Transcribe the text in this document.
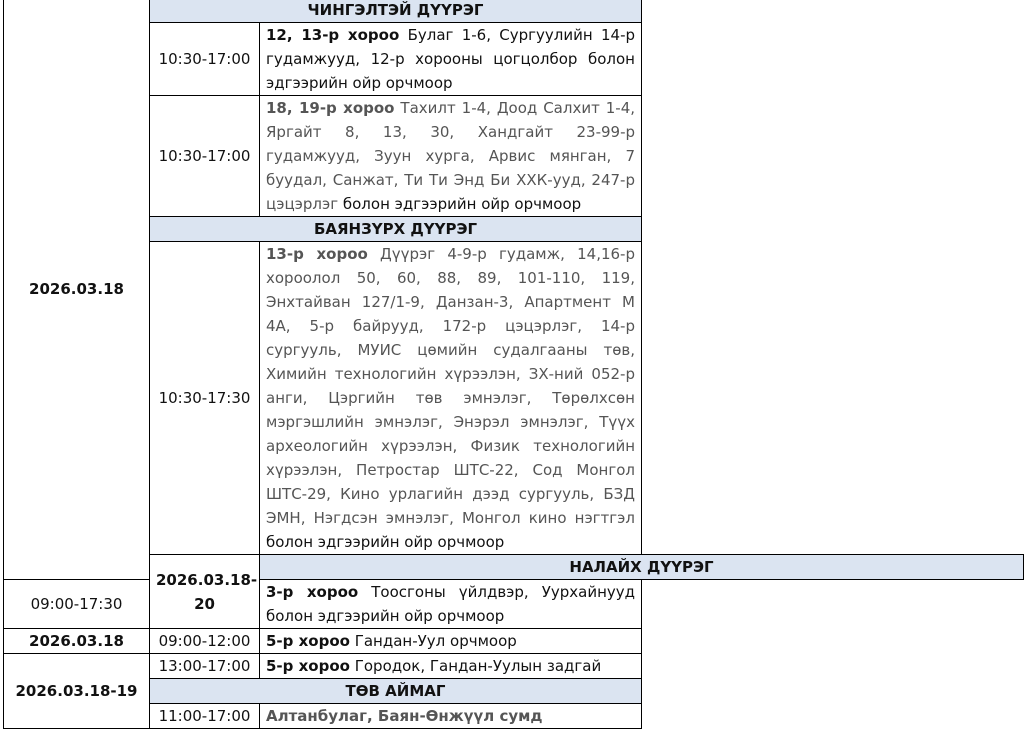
2026.03.18	ЧИНГЭЛТЭЙ ДҮҮРЭГ	
	10:30-17:00	12, 13-р хороо Булаг 1-6, Сургуулийн 14-р гудамжууд, 12-р хорооны цогцолбор болон эдгээрийн ойр орчмоор
	10:30-17:00	18, 19-р хороо Тахилт 1-4, Доод Салхит 1-4, Яргайт 8, 13, 30, Хандгайт 23-99-р гудамжууд, Зуун хурга, Арвис мянган, 7 буудал, Санжат, Ти Ти Энд Би ХХК-ууд, 247-р цэцэрлэг болон эдгээрийн ойр орчмоор
	БАЯНЗҮРХ ДҮҮРЭГ	
	10:30-17:30	13-р хороо Дүүрэг 4-9-р гудамж, 14,16-р хороолол 50, 60, 88, 89, 101-110, 119, Энхтайван 127/1-9, Данзан-3, Апартмент М 4А, 5-р байрууд, 172-р цэцэрлэг, 14-р сургууль, МУИС цөмийн судалгааны төв, Химийн технологийн хүрээлэн, ЗХ-ний 052-р анги, Цэргийн төв эмнэлэг, Төрөлхсөн мэргэшлийн эмнэлэг, Энэрэл эмнэлэг, Түүх археологийн хүрээлэн, Физик технологийн хүрээлэн, Петростар ШТС-22, Сод Монгол ШТС-29, Кино урлагийн дээд сургууль, БЗД ЭМН, Нэгдсэн эмнэлэг, Монгол кино нэгтгэл болон эдгээрийн ойр орчмоор
	2026.03.18-20	НАЛАЙХ ДҮҮРЭГ
09:00-17:30		3-р хороо Тоосгоны үйлдвэр, Уурхайнууд болон эдгээрийн ойр орчмоор
2026.03.18	09:00-12:00	5-р хороо Гандан-Уул орчмоор
2026.03.18-19	13:00-17:00	5-р хороо Городок, Гандан-Уулын задгай
	ТӨВ АЙМАГ	
	11:00-17:00	Алтанбулаг, Баян-Өнжүүл сумд
